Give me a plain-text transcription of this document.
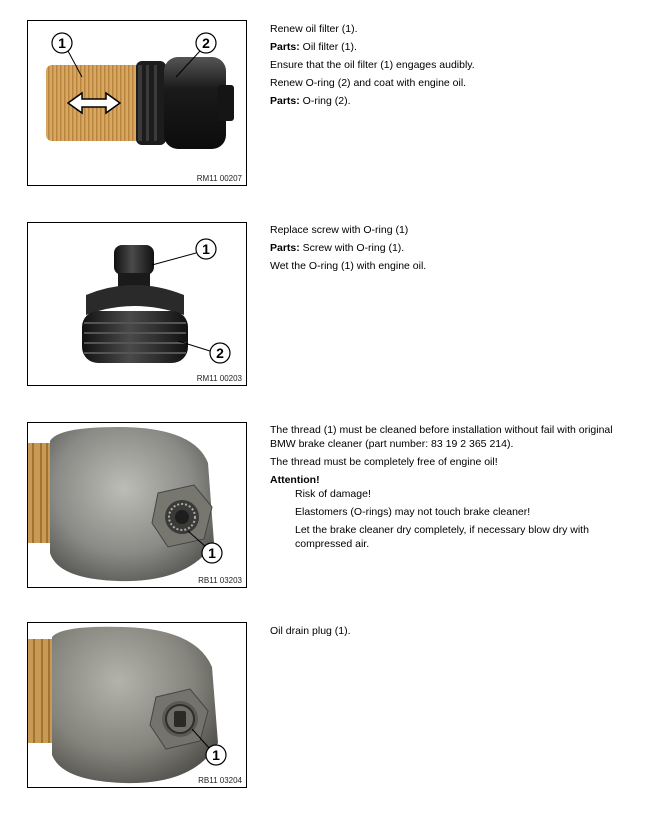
1	2
RM11 00207

Renew oil filter (1).

Parts: Oil filter (1).

Ensure that the oil filter (1) engages audibly.

Renew O-ring (2) and coat with engine oil.

Parts: O-ring (2).

1
2
RM11 00203

Replace screw with O-ring (1)

Parts: Screw with O-ring (1).

Wet the O-ring (1) with engine oil.

1
RB11 03203

The thread (1) must be cleaned before installation without fail with original BMW brake cleaner (part number: 83 19 2 365 214).

The thread must be completely free of engine oil!

Attention!

Risk of damage!

Elastomers (O-rings) may not touch brake cleaner!

Let the brake cleaner dry completely, if necessary blow dry with compressed air.

1
RB11 03204

Oil drain plug (1).
